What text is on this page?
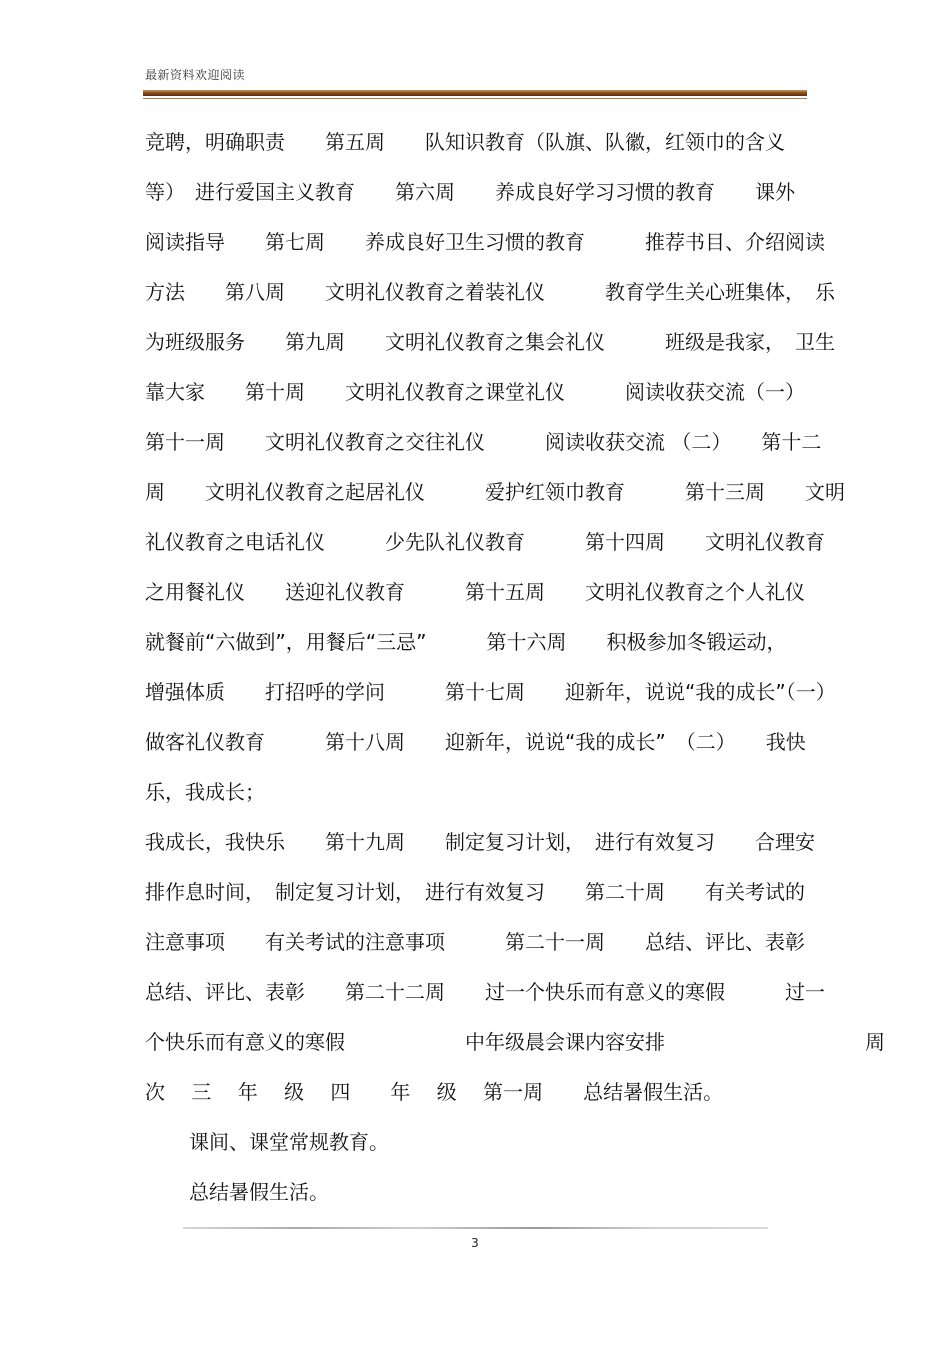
最新资料欢迎阅读
竞聘，明确职责　　第五周　　队知识教育（队旗、队徽，红领巾的含义
等）　进行爱国主义教育　　第六周　　养成良好学习习惯的教育　　课外
阅读指导　　第七周　　养成良好卫生习惯的教育　　　推荐书目、介绍阅读
方法　　第八周　　文明礼仪教育之着装礼仪　　　教育学生关心班集体，　乐
为班级服务　　第九周　　文明礼仪教育之集会礼仪　　　班级是我家，　卫生
靠大家　　第十周　　文明礼仪教育之课堂礼仪　　　阅读收获交流（一）
第十一周　　文明礼仪教育之交往礼仪　　　阅读收获交流 （二）　　第十二
周　　文明礼仪教育之起居礼仪　　　爱护红领巾教育　　　第十三周　　文明
礼仪教育之电话礼仪　　　少先队礼仪教育　　　第十四周　　文明礼仪教育
之用餐礼仪　　送迎礼仪教育　　　第十五周　　文明礼仪教育之个人礼仪
就餐前“六做到”，用餐后“三忌”　　　第十六周　　积极参加冬锻运动，
增强体质　　打招呼的学问　　　第十七周　　迎新年，说说“我的成长”（一）
做客礼仪教育　　　第十八周　　迎新年，说说“我的成长”　（二）　　我快
乐，我成长；
我成长，我快乐　　第十九周　　制定复习计划，　进行有效复习　　合理安
排作息时间，　制定复习计划，　进行有效复习　　第二十周　　有关考试的
注意事项　　有关考试的注意事项　　　第二十一周　　总结、评比、表彰
总结、评比、表彰　　第二十二周　　过一个快乐而有意义的寒假　　　过一
个快乐而有意义的寒假　　　　　　中年级晨会课内容安排　　　　　　　　　　周
次　 三　 年　 级　 四　　年　 级　 第一周　　总结暑假生活。
课间、课堂常规教育。
总结暑假生活。
3
